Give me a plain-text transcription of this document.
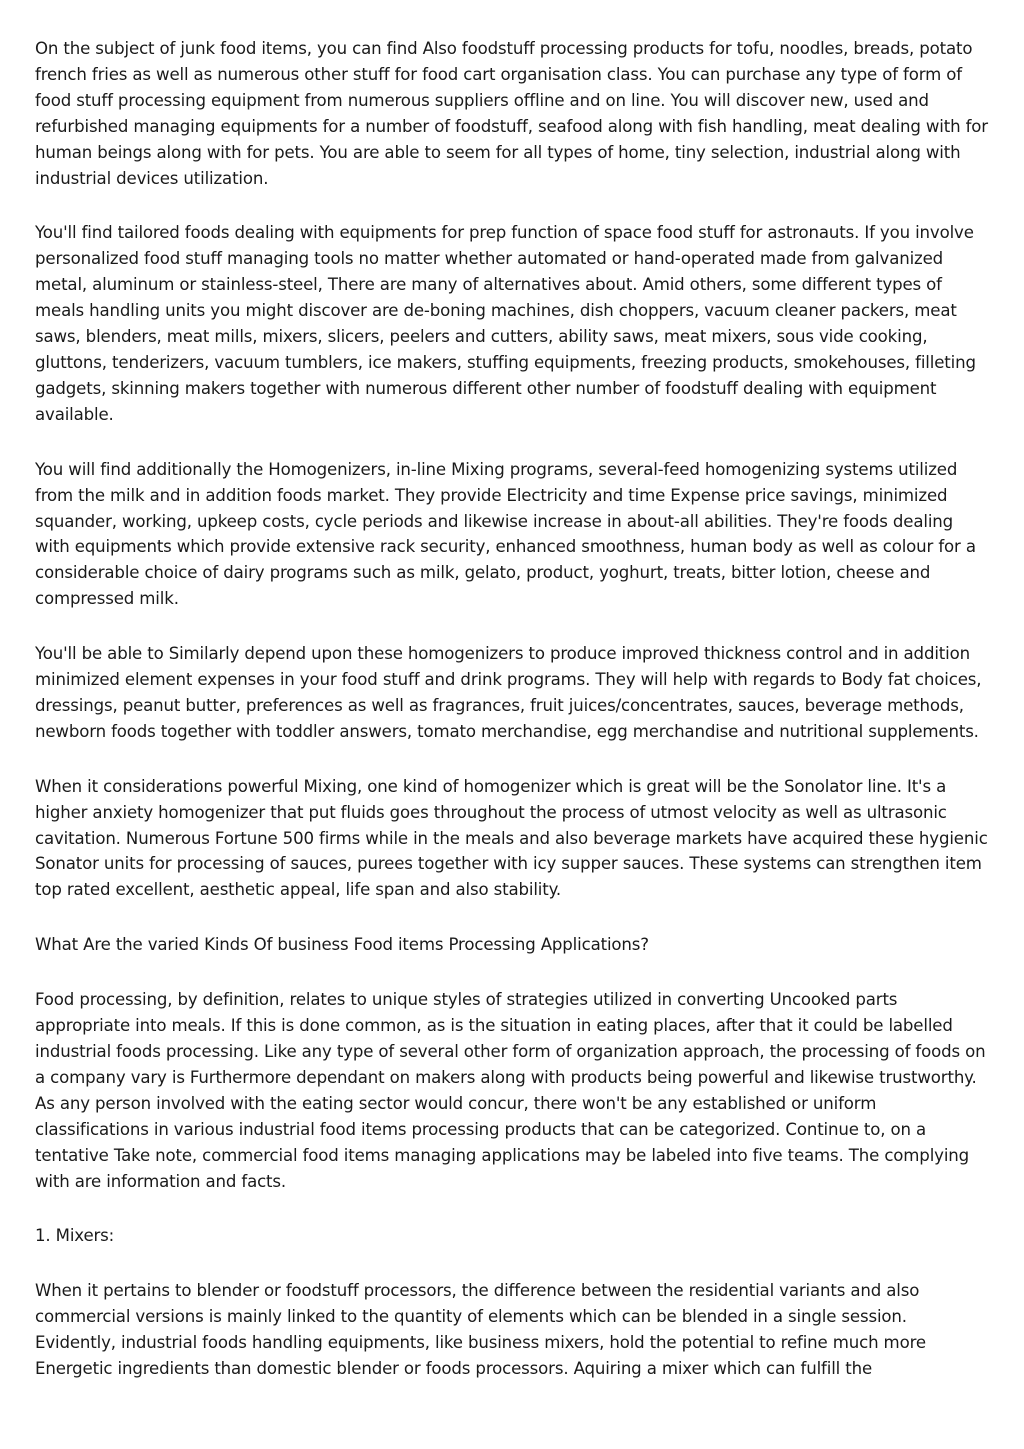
On the subject of junk food items, you can find Also foodstuff processing products for tofu, noodles, breads, potato french fries as well as numerous other stuff for food cart organisation class. You can purchase any type of form of food stuff processing equipment from numerous suppliers offline and on line. You will discover new, used and refurbished managing equipments for a number of foodstuff, seafood along with fish handling, meat dealing with for human beings along with for pets. You are able to seem for all types of home, tiny selection, industrial along with industrial devices utilization.

You'll find tailored foods dealing with equipments for prep function of space food stuff for astronauts. If you involve personalized food stuff managing tools no matter whether automated or hand-operated made from galvanized metal, aluminum or stainless-steel, There are many of alternatives about. Amid others, some different types of meals handling units you might discover are de-boning machines, dish choppers, vacuum cleaner packers, meat saws, blenders, meat mills, mixers, slicers, peelers and cutters, ability saws, meat mixers, sous vide cooking, gluttons, tenderizers, vacuum tumblers, ice makers, stuffing equipments, freezing products, smokehouses, filleting gadgets, skinning makers together with numerous different other number of foodstuff dealing with equipment available.

You will find additionally the Homogenizers, in-line Mixing programs, several-feed homogenizing systems utilized from the milk and in addition foods market. They provide Electricity and time Expense price savings, minimized squander, working, upkeep costs, cycle periods and likewise increase in about-all abilities. They're foods dealing with equipments which provide extensive rack security, enhanced smoothness, human body as well as colour for a considerable choice of dairy programs such as milk, gelato, product, yoghurt, treats, bitter lotion, cheese and compressed milk.

You'll be able to Similarly depend upon these homogenizers to produce improved thickness control and in addition minimized element expenses in your food stuff and drink programs. They will help with regards to Body fat choices, dressings, peanut butter, preferences as well as fragrances, fruit juices/concentrates, sauces, beverage methods, newborn foods together with toddler answers, tomato merchandise, egg merchandise and nutritional supplements.

When it considerations powerful Mixing, one kind of homogenizer which is great will be the Sonolator line. It's a higher anxiety homogenizer that put fluids goes throughout the process of utmost velocity as well as ultrasonic cavitation. Numerous Fortune 500 firms while in the meals and also beverage markets have acquired these hygienic Sonator units for processing of sauces, purees together with icy supper sauces. These systems can strengthen item top rated excellent, aesthetic appeal, life span and also stability.

What Are the varied Kinds Of business Food items Processing Applications?

Food processing, by definition, relates to unique styles of strategies utilized in converting Uncooked parts appropriate into meals. If this is done common, as is the situation in eating places, after that it could be labelled industrial foods processing. Like any type of several other form of organization approach, the processing of foods on a company vary is Furthermore dependant on makers along with products being powerful and likewise trustworthy. As any person involved with the eating sector would concur, there won't be any established or uniform classifications in various industrial food items processing products that can be categorized. Continue to, on a tentative Take note, commercial food items managing applications may be labeled into five teams. The complying with are information and facts.

1. Mixers:

When it pertains to blender or foodstuff processors, the difference between the residential variants and also commercial versions is mainly linked to the quantity of elements which can be blended in a single session. Evidently, industrial foods handling equipments, like business mixers, hold the potential to refine much more Energetic ingredients than domestic blender or foods processors. Aquiring a mixer which can fulfill the
